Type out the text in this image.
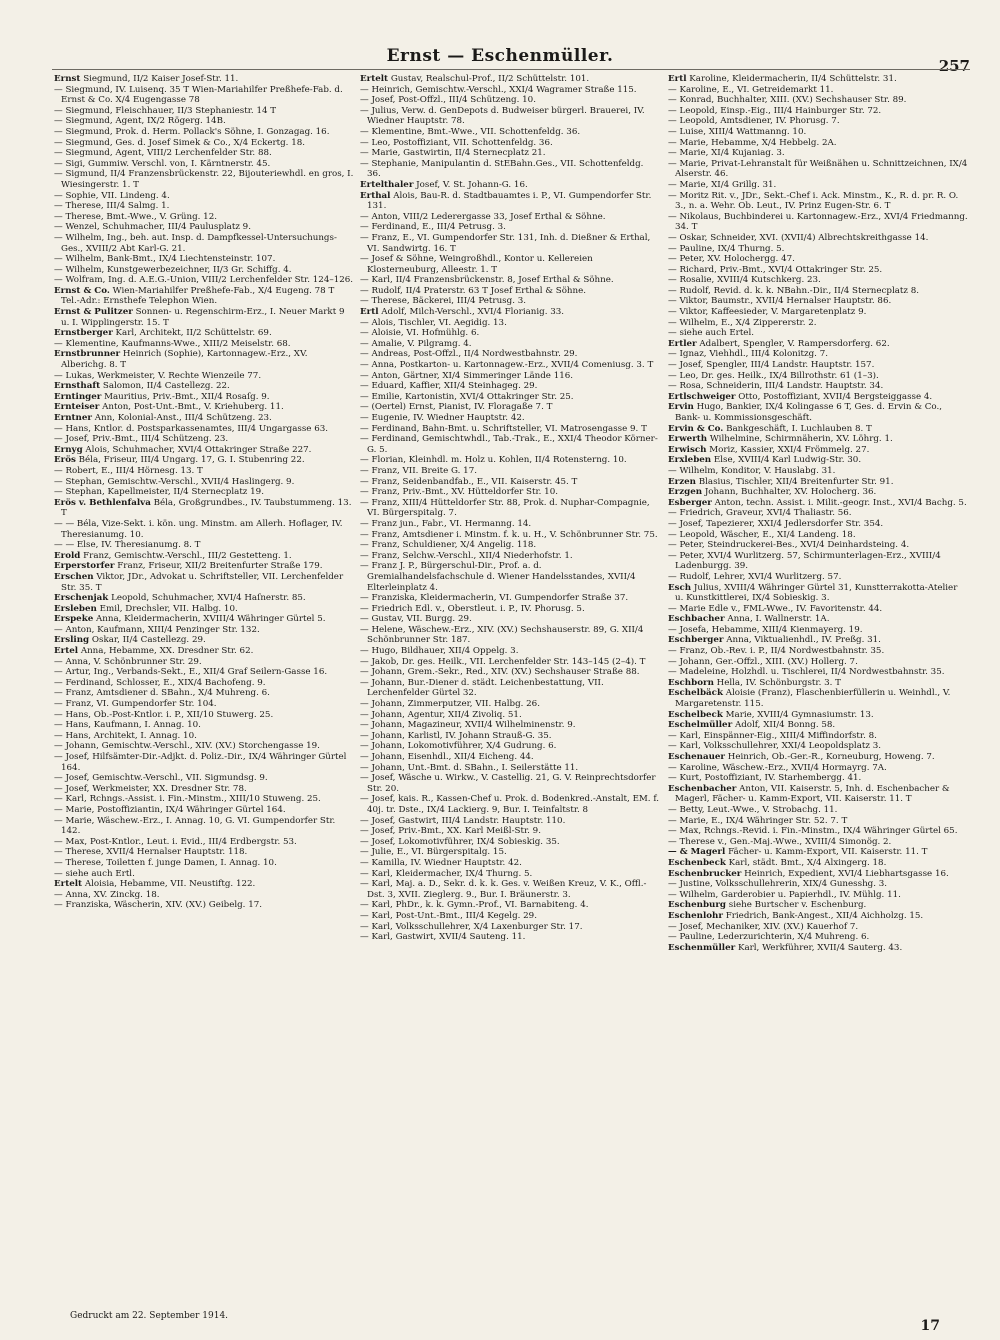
Ernst — Eschenmüller.	257

Ernst Siegmund, II/2 Kaiser Josef-Str. 11.

— Siegmund, IV. Luisenq. 35 T Wien-Mariahilfer Preßhefe-Fab. d. Ernst & Co. X/4 Eugengasse 78

— Siegmund, Fleischhauer, II/3 Stephaniestr. 14 T

— Siegmund, Agent, IX/2 Rögerg. 14B.

— Siegmund, Prok. d. Herm. Pollack's Söhne, I. Gonzagag. 16.

— Siegmund, Ges. d. Josef Simek & Co., X/4 Eckertg. 18.

— Siegmund, Agent, VIII/2 Lerchenfelder Str. 88.

— Sigi, Gummiw. Verschl. von, I. Kärntnerstr. 45.

— Sigmund, II/4 Franzensbrückenstr. 22, Bijouteriewhdl. en gros, I. Wiesingerstr. 1. T

— Sophie, VII. Lindeng. 4.

— Therese, III/4 Salmg. 1.

— Therese, Bmt.-Wwe., V. Grüng. 12.

— Wenzel, Schuhmacher, III/4 Paulusplatz 9.

— Wilhelm, Ing., beh. aut. Insp. d. Dampfkessel-Untersuchungs-Ges., XVIII/2 Abt Karl-G. 21.

— Wilhelm, Bank-Bmt., IX/4 Liechtensteinstr. 107.

— Wilhelm, Kunstgewerbezeichner, II/3 Gr. Schiffg. 4.

— Wolfram, Ing. d. A.E.G.-Union, VIII/2 Lerchenfelder Str. 124–126.

Ernst & Co. Wien-Mariahilfer Preßhefe-Fab., X/4 Eugeng. 78 T Tel.-Adr.: Ernsthefe Telephon Wien.

Ernst & Pulitzer Sonnen- u. Regenschirm-Erz., I. Neuer Markt 9 u. I. Wipplingerstr. 15. T

Ernstberger Karl, Architekt, II/2 Schüttelstr. 69.

— Klementine, Kaufmanns-Wwe., XIII/2 Meiselstr. 68.

Ernstbrunner Heinrich (Sophie), Kartonnagew.-Erz., XV. Alberichg. 8. T

— Lukas, Werkmeister, V. Rechte Wienzeile 77.

Ernsthaft Salomon, II/4 Castellezg. 22.

Erntinger Mauritius, Priv.-Bmt., XII/4 Rosaſg. 9.

Ernteiser Anton, Post-Unt.-Bmt., V. Kriehuberg. 11.

Erntner Ann, Kolonial-Anst., III/4 Schützeng. 23.

— Hans, Kntlor. d. Postsparkassenamtes, III/4 Ungargasse 63.

— Josef, Priv.-Bmt., III/4 Schützeng. 23.

Ernyg Alois, Schuhmacher, XVI/4 Ottakringer Straße 227.

Erös Béla, Friseur, III/4 Ungarg. 17, G. I. Stubenring 22.

— Robert, E., III/4 Hörnesg. 13. T

— Stephan, Gemischtw.-Verschl., XVII/4 Haslingerg. 9.

— Stephan, Kapellmeister, II/4 Sternecplatz 19.

Erös v. Bethlenfalva Béla, Großgrundbes., IV. Taubstummeng. 13. T

— — Béla, Vize-Sekt. i. kön. ung. Minstm. am Allerh. Hoflager, IV. Theresianumg. 10.

— — Else, IV. Theresianumg. 8. T

Erold Franz, Gemischtw.-Verschl., III/2 Gestetteng. 1.

Erperstorfer Franz, Friseur, XII/2 Breitenfurter Straße 179.

Erschen Viktor, JDr., Advokat u. Schriftsteller, VII. Lerchenfelder Str. 35. T

Erschenjak Leopold, Schuhmacher, XVI/4 Haſnerstr. 85.

Ersleben Emil, Drechsler, VII. Halbg. 10.

Erspeke Anna, Kleidermacherin, XVIII/4 Währinger Gürtel 5.

— Anton, Kaufmann, XIII/4 Penzinger Str. 132.

Ersling Oskar, II/4 Castellezg. 29.

Ertel Anna, Hebamme, XX. Dresdner Str. 62.

— Anna, V. Schönbrunner Str. 29.

— Artur, Ing., Verbands-Sekt., E., XII/4 Graf Seilern-Gasse 16.

— Ferdinand, Schlosser, E., XIX/4 Bachofeng. 9.

— Franz, Amtsdiener d. SBahn., X/4 Muhreng. 6.

— Franz, VI. Gumpendorfer Str. 104.

— Hans, Ob.-Post-Kntlor. i. P., XII/10 Stuwerg. 25.

— Hans, Kaufmann, I. Annag. 10.

— Hans, Architekt, I. Annag. 10.

— Johann, Gemischtw.-Verschl., XIV. (XV.) Storchengasse 19.

— Josef, Hilfsämter-Dir.-Adjkt. d. Poliz.-Dir., IX/4 Währinger Gürtel 164.

— Josef, Gemischtw.-Verschl., VII. Sigmundsg. 9.

— Josef, Werkmeister, XX. Dresdner Str. 78.

— Karl, Rchngs.-Assist. i. Fin.-Minstm., XIII/10 Stuweng. 25.

— Marie, Postoffiziantin, IX/4 Währinger Gürtel 164.

— Marie, Wäschew.-Erz., I. Annag. 10, G. VI. Gumpendorfer Str. 142.

— Max, Post-Kntlor., Leut. i. Evid., III/4 Erdbergstr. 53.

— Therese, XVII/4 Hernalser Hauptstr. 118.

— Therese, Toiletten f. junge Damen, I. Annag. 10.

— siehe auch Ertl.

Ertelt Aloisia, Hebamme, VII. Neustiftg. 122.

— Anna, XV. Zinckg. 18.

— Franziska, Wäscherin, XIV. (XV.) Geibelg. 17.

Ertelt Gustav, Realschul-Prof., II/2 Schüttelstr. 101.

— Heinrich, Gemischtw.-Verschl., XXI/4 Wagramer Straße 115.

— Josef, Post-Offzl., III/4 Schützeng. 10.

— Julius, Verw. d. GenDepots d. Budweiser bürgerl. Brauerei, IV. Wiedner Hauptstr. 78.

— Klementine, Bmt.-Wwe., VII. Schottenfeldg. 36.

— Leo, Postoffiziant, VII. Schottenfeldg. 36.

— Marie, Gastwirtin, II/4 Sternecplatz 21.

— Stephanie, Manipulantin d. StEBahn.Ges., VII. Schottenfeldg. 36.

Ertelthaler Josef, V. St. Johann-G. 16.

Erthal Alois, Bau-R. d. Stadtbauamtes i. P., VI. Gumpendorfer Str. 131.

— Anton, VIII/2 Lederergasse 33, Josef Erthal & Söhne.

— Ferdinand, E., III/4 Petrusg. 3.

— Franz, E., VI. Gumpendorfer Str. 131, Inh. d. Dießner & Erthal, VI. Sandwirtg. 16. T

— Josef & Söhne, Weingroßhdl., Kontor u. Kellereien Klosterneuburg, Alleestr. 1. T

— Karl, II/4 Franzensbrückenstr. 8, Josef Erthal & Söhne.

— Rudolf, II/4 Praterstr. 63 T Josef Erthal & Söhne.

— Therese, Bäckerei, III/4 Petrusg. 3.

Ertl Adolf, Milch-Verschl., XVI/4 Florianig. 33.

— Alois, Tischler, VI. Aegidig. 13.

— Aloisie, VI. Hofmühlg. 6.

— Amalie, V. Pilgramg. 4.

— Andreas, Post-Offzl., II/4 Nordwestbahnstr. 29.

— Anna, Postkarton- u. Kartonnagew.-Erz., XVII/4 Comeniusg. 3. T

— Anton, Gärtner, XI/4 Simmeringer Lände 116.

— Eduard, Kaffier, XII/4 Steinhageg. 29.

— Emilie, Kartonistin, XVI/4 Ottakringer Str. 25.

— (Oertel) Ernst, Pianist, IV. Floragaße 7. T

— Eugenie, IV. Wiedner Hauptstr. 42.

— Ferdinand, Bahn-Bmt. u. Schriftsteller, VI. Matrosengasse 9. T

— Ferdinand, Gemischtwhdl., Tab.-Trak., E., XXI/4 Theodor Körner-G. 5.

— Florian, Kleinhdl. m. Holz u. Kohlen, II/4 Rotensterng. 10.

— Franz, VII. Breite G. 17.

— Franz, Seidenbandfab., E., VII. Kaiserstr. 45. T

— Franz, Priv.-Bmt., XV. Hütteldorfer Str. 10.

— Franz, XIII/4 Hütteldorfer Str. 88, Prok. d. Nuphar-Compagnie, VI. Bürgerspitalg. 7.

— Franz jun., Fabr., VI. Hermanng. 14.

— Franz, Amtsdiener i. Minstm. f. k. u. H., V. Schönbrunner Str. 75.

— Franz, Schuldiener, X/4 Angelig. 118.

— Franz, Selchw.-Verschl., XII/4 Niederhofstr. 1.

— Franz J. P., Bürgerschul-Dir., Prof. a. d. Gremialhandelsfachschule d. Wiener Handelsstandes, XVII/4 Elterleinplatz 4.

— Franziska, Kleidermacherin, VI. Gumpendorfer Straße 37.

— Friedrich Edl. v., Oberstleut. i. P., IV. Phorusg. 5.

— Gustav, VII. Burgg. 29.

— Helene, Wäschew.-Erz., XIV. (XV.) Sechshauserstr. 89, G. XII/4 Schönbrunner Str. 187.

— Hugo, Bildhauer, XII/4 Oppelg. 3.

— Jakob, Dr. ges. Heilk., VII. Lerchenfelder Str. 143–145 (2–4). T

— Johann, Grem.-Sekr., Red., XIV. (XV.) Sechshauser Straße 88.

— Johann, Bur.-Diener d. städt. Leichenbestattung, VII. Lerchenfelder Gürtel 32.

— Johann, Zimmerputzer, VII. Halbg. 26.

— Johann, Agentur, XII/4 Zivoliq. 51.

— Johann, Magazineur, XVII/4 Wilhelminenstr. 9.

— Johann, Karlistl, IV. Johann Strauß-G. 35.

— Johann, Lokomotivführer, X/4 Gudrung. 6.

— Johann, Eisenhdl., XII/4 Eicheng. 44.

— Johann, Unt.-Bmt. d. SBahn., I. Seilerstätte 11.

— Josef, Wäsche u. Wirkw., V. Castellig. 21, G. V. Reinprechtsdorfer Str. 20.

— Josef, kais. R., Kassen-Chef u. Prok. d. Bodenkred.-Anstalt, EM. f. 40j. tr. Dste., IX/4 Lackierg. 9, Bur. I. Teinfaltstr. 8

— Josef, Gastwirt, III/4 Landstr. Hauptstr. 110.

— Josef, Priv.-Bmt., XX. Karl Meißl-Str. 9.

— Josef, Lokomotivführer, IX/4 Sobieskig. 35.

— Julie, E., VI. Bürgerspitalg. 15.

— Kamilla, IV. Wiedner Hauptstr. 42.

— Karl, Kleidermacher, IX/4 Thurng. 5.

— Karl, Maj. a. D., Sekr. d. k. k. Ges. v. Weißen Kreuz, V. K., Offl.-Dst. 3, XVII. Zieglerg. 9., Bur. I. Bräunerstr. 3.

— Karl, PhDr., k. k. Gymn.-Prof., VI. Barnabiteng. 4.

— Karl, Post-Unt.-Bmt., III/4 Kegelg. 29.

— Karl, Volksschullehrer, X/4 Laxenburger Str. 17.

— Karl, Gastwirt, XVII/4 Sauteng. 11.

Ertl Karoline, Kleidermacherin, II/4 Schüttelstr. 31.

— Karoline, E., VI. Getreidemarkt 11.

— Konrad, Buchhalter, XIII. (XV.) Sechshauser Str. 89.

— Leopold, Einsp.-Eig., III/4 Hainburger Str. 72.

— Leopold, Amtsdiener, IV. Phorusg. 7.

— Luise, XIII/4 Wattmanng. 10.

— Marie, Hebamme, X/4 Hebbelg. 2A.

— Marie, XI/4 Kujaniag. 3.

— Marie, Privat-Lehranstalt für Weißnähen u. Schnittzeichnen, IX/4 Alserstr. 46.

— Marie, XI/4 Grillg. 31.

— Moritz Rit. v., JDr., Sekt.-Chef i. Ack. Minstm., K., R. d. pr. R. O. 3., n. a. Wehr. Ob. Leut., IV. Prinz Eugen-Str. 6. T

— Nikolaus, Buchbinderei u. Kartonnagew.-Erz., XVI/4 Friedmanng. 34. T

— Oskar, Schneider, XVI. (XVII/4) Albrechtskreithgasse 14.

— Pauline, IX/4 Thurng. 5.

— Peter, XV. Holochergg. 47.

— Richard, Priv.-Bmt., XVI/4 Ottakringer Str. 25.

— Rosalie, XVIII/4 Kutschkerg. 23.

— Rudolf, Revid. d. k. k. NBahn.-Dir., II/4 Sternecplatz 8.

— Viktor, Baumstr., XVII/4 Hernalser Hauptstr. 86.

— Viktor, Kaffeesieder, V. Margaretenplatz 9.

— Wilhelm, E., X/4 Zippererstr. 2.

— siehe auch Ertel.

Ertler Adalbert, Spengler, V. Rampersdorferg. 62.

— Ignaz, Viehhdl., III/4 Kolonitzg. 7.

— Josef, Spengler, III/4 Landstr. Hauptstr. 157.

— Leo, Dr. ges. Heilk., IX/4 Billrothstr. 61 (1–3).

— Rosa, Schneiderin, III/4 Landstr. Hauptstr. 34.

Ertlschweiger Otto, Postoffiziant, XVII/4 Bergsteiggasse 4.

Ervin Hugo, Bankier, IX/4 Kolingasse 6 T, Ges. d. Ervin & Co., Bank- u. Kommissionsgeschäft.

Ervin & Co. Bankgeschäft, I. Luchlauben 8. T

Erwerth Wilhelmine, Schirmnäherin, XV. Löhrg. 1.

Erwisch Moriz, Kassier, XXI/4 Frömmelg. 27.

Erxleben Else, XVIII/4 Karl Ludwig-Str. 30.

— Wilhelm, Konditor, V. Hauslabg. 31.

Erzen Blasius, Tischler, XII/4 Breitenfurter Str. 91.

Erzgen Johann, Buchhalter, XV. Holocherg. 36.

Esberger Anton, techn. Assist. i. Milit.-geogr. Inst., XVI/4 Bachg. 5.

— Friedrich, Graveur, XVI/4 Thaliastr. 56.

— Josef, Tapezierer, XXI/4 Jedlersdorfer Str. 354.

— Leopold, Wäscher, E., XI/4 Landeng. 18.

— Peter, Steindruckerei-Bes., XVI/4 Deinhardsteing. 4.

— Peter, XVI/4 Wurlitzerg. 57, Schirmunterlagen-Erz., XVIII/4 Ladenburgg. 39.

— Rudolf, Lehrer, XVI/4 Wurlitzerg. 57.

Esch Julius, XVIII/4 Währinger Gürtel 31, Kunstterrakotta-Atelier u. Kunstkittlerei, IX/4 Sobieskig. 3.

— Marie Edle v., FML-Wwe., IV. Favoritenstr. 44.

Eschbacher Anna, I. Wallnerstr. 1A.

— Josefa, Hebamme, XIII/4 Kienmayerg. 19.

Eschberger Anna, Viktualienhdl., IV. Preßg. 31.

— Franz, Ob.-Rev. i. P., II/4 Nordwestbahnstr. 35.

— Johann, Ger.-Offzl., XIII. (XV.) Hollerg. 7.

— Madeleine, Holzhdl. u. Tischlerei, II/4 Nordwestbahnstr. 35.

Eschborn Hella, IV. Schönburgstr. 3. T

Eschelbäck Aloisie (Franz), Flaschenbierfüllerin u. Weinhdl., V. Margaretenstr. 115.

Eschelbeck Marie, XVIII/4 Gymnasiumstr. 13.

Eschelmüller Adolf, XII/4 Bonng. 58.

— Karl, Einspänner-Eig., XIII/4 Miffindorfstr. 8.

— Karl, Volksschullehrer, XXI/4 Leopoldsplatz 3.

Eschenauer Heinrich, Ob.-Ger.-R., Korneuburg, Howeng. 7.

— Karoline, Wäschew.-Erz., XVII/4 Hormayrg. 7A.

— Kurt, Postoffiziant, IV. Starhembergg. 41.

Eschenbacher Anton, VII. Kaiserstr. 5, Inh. d. Eschenbacher & Magerl, Fächer- u. Kamm-Export, VII. Kaiserstr. 11. T

— Betty, Leut.-Wwe., V. Strobachg. 11.

— Marie, E., IX/4 Währinger Str. 52. 7. T

— Max, Rchngs.-Revid. i. Fin.-Minstm., IX/4 Währinger Gürtel 65.

— Therese v., Gen.-Maj.-Wwe., XVIII/4 Simonög. 2.

— & Magerl Fächer- u. Kamm-Export, VII. Kaiserstr. 11. T

Eschenbeck Karl, städt. Bmt., X/4 Alxingerg. 18.

Eschenbrucker Heinrich, Expedient, XVI/4 Liebhartsgasse 16.

— Justine, Volksschullehrerin, XIX/4 Gunesshg. 3.

— Wilhelm, Garderobier u. Papierhdl., IV. Mühlg. 11.

Eschenburg siehe Burtscher v. Eschenburg.

Eschenlohr Friedrich, Bank-Angest., XII/4 Aichholzg. 15.

— Josef, Mechaniker, XIV. (XV.) Kauerhof 7.

— Pauline, Lederzurichterin, X/4 Muhreng. 6.

Eschenmüller Karl, Werkführer, XVII/4 Sauterg. 43.

Gedruckt am 22. September 1914.
17
